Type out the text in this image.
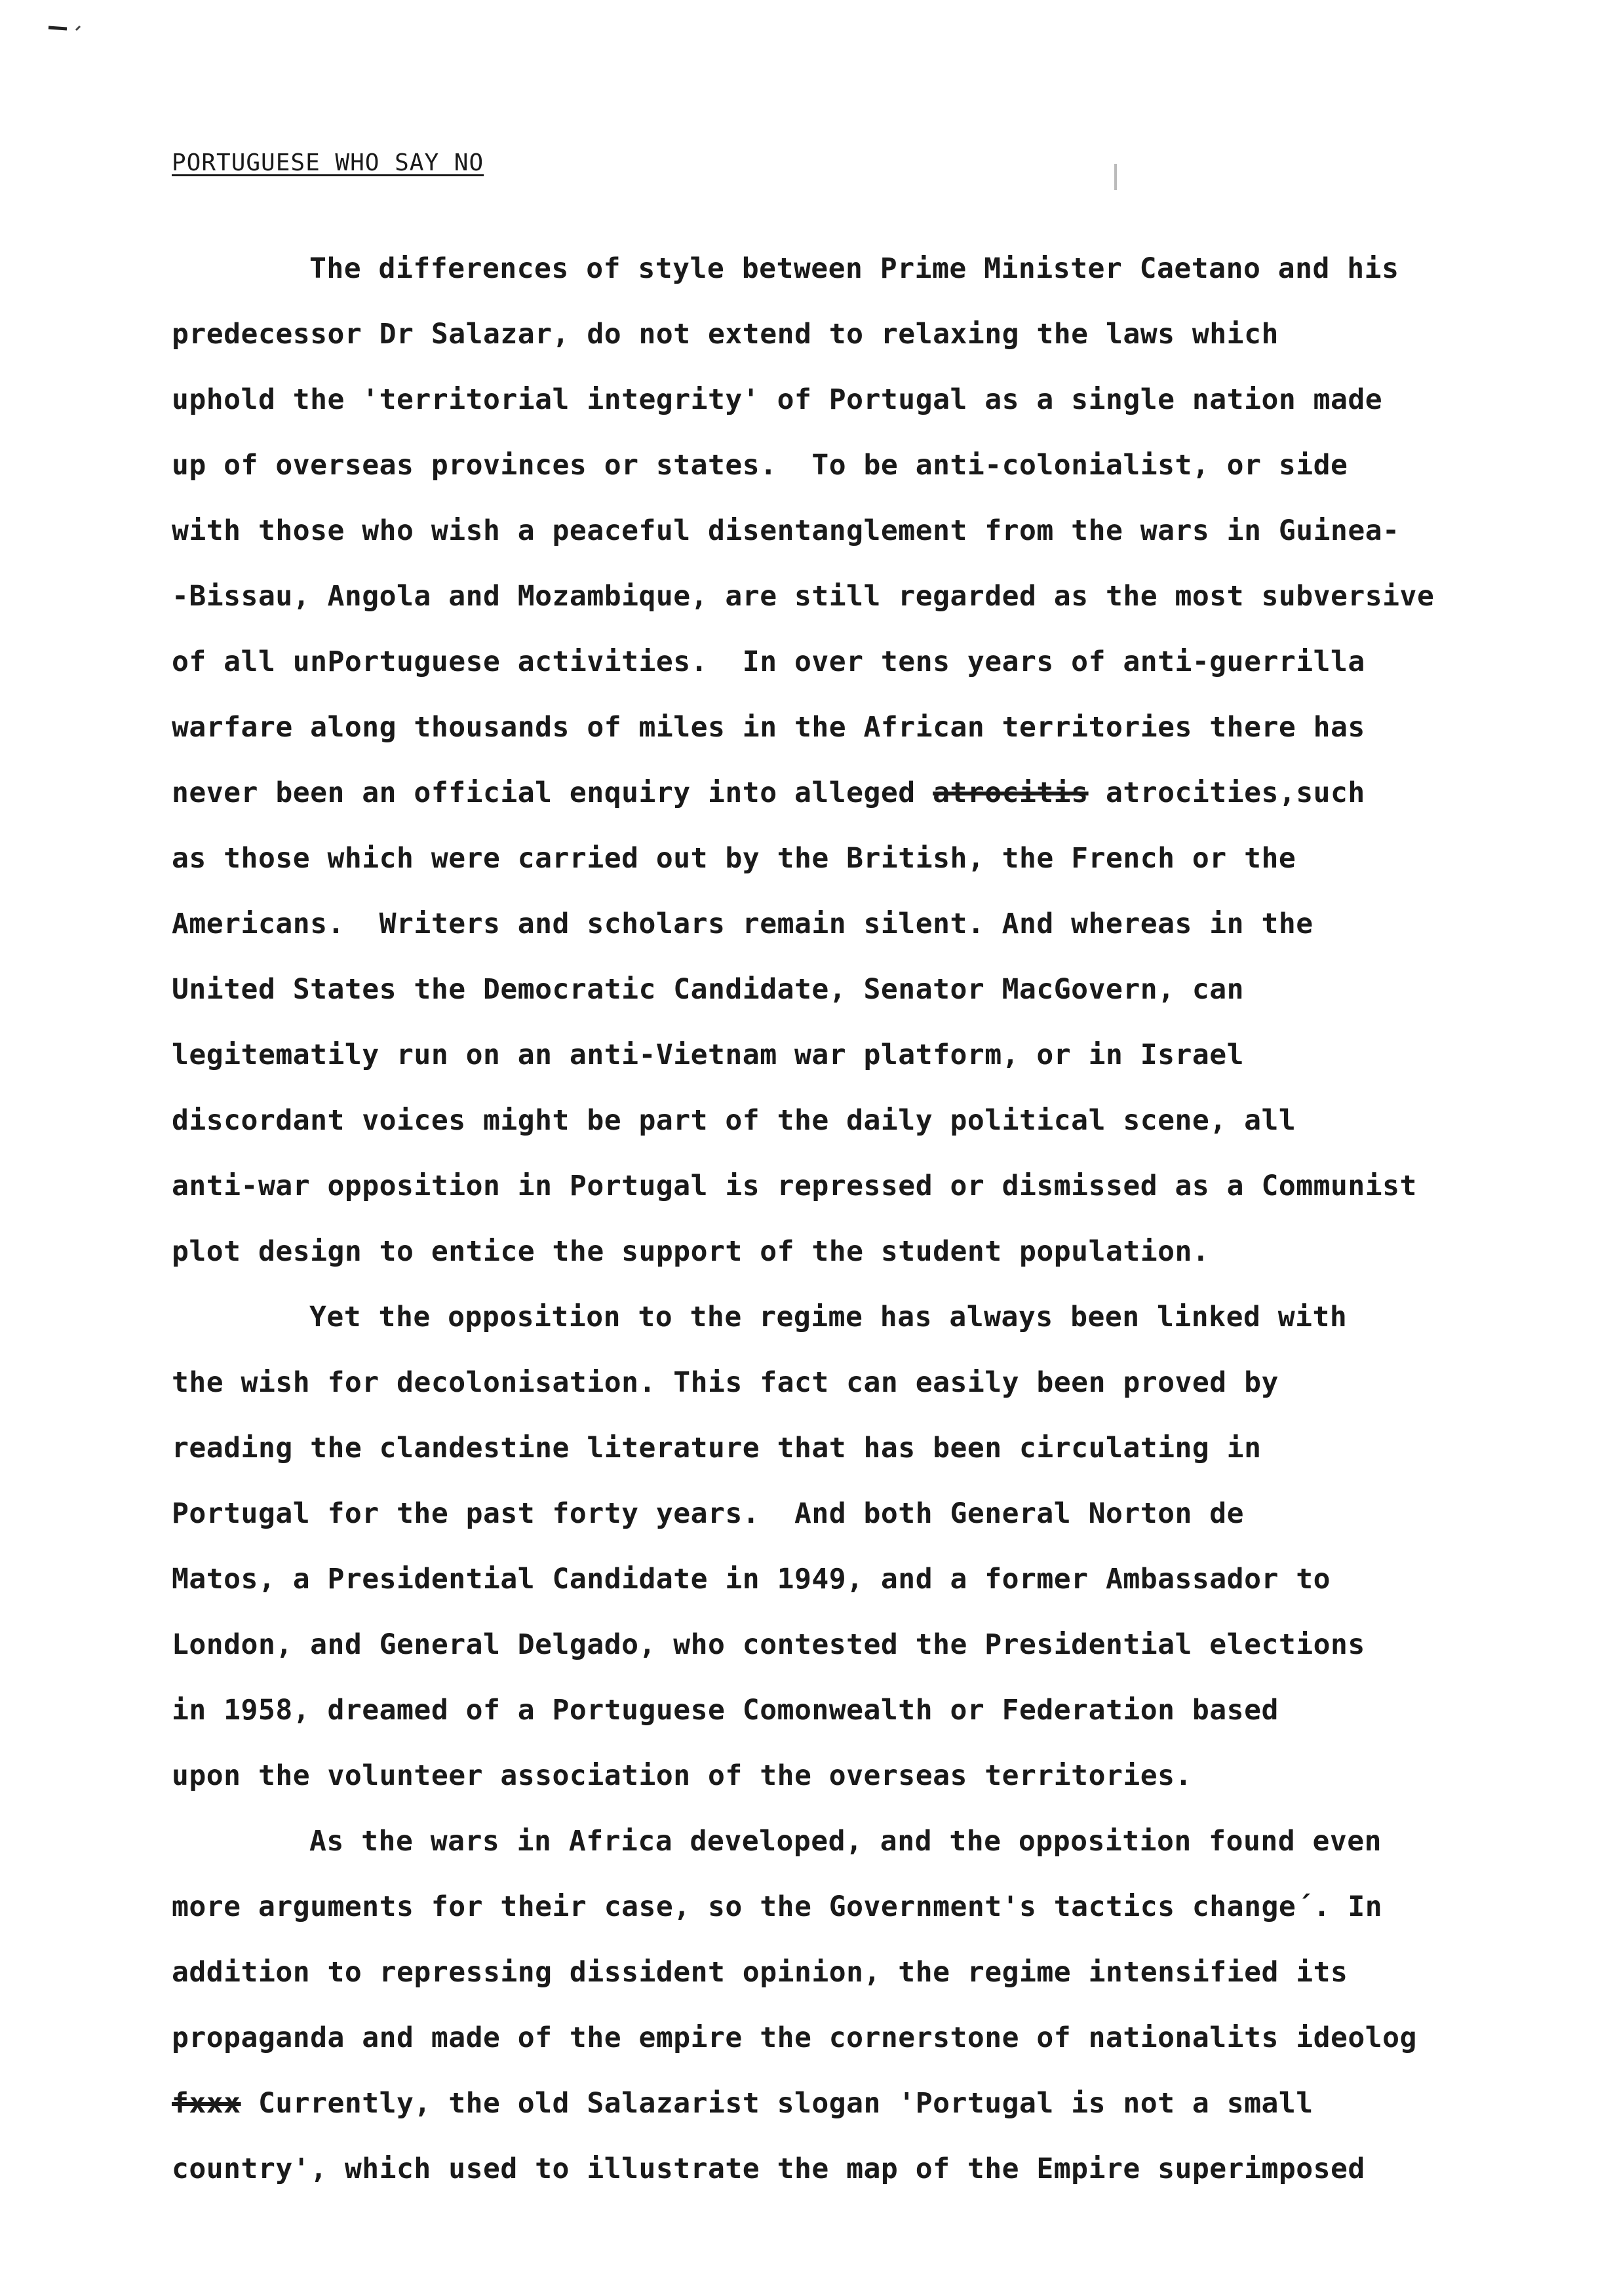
PORTUGUESE WHO SAY NO
The differences of style between Prime Minister Caetano and his
predecessor Dr Salazar, do not extend to relaxing the laws which
uphold the 'territorial integrity' of Portugal as a single nation made
up of overseas provinces or states.  To be anti-colonialist, or side
with those who wish a peaceful disentanglement from the wars in Guinea-
-Bissau, Angola and Mozambique, are still regarded as the most subversive
of all unPortuguese activities.  In over tens years of anti-guerrilla
warfare along thousands of miles in the African territories there has
never been an official enquiry into alleged atrocitis atrocities,such
as those which were carried out by the British, the French or the
Americans.  Writers and scholars remain silent. And whereas in the
United States the Democratic Candidate, Senator MacGovern, can
legitematily run on an anti-Vietnam war platform, or in Israel
discordant voices might be part of the daily political scene, all
anti-war opposition in Portugal is repressed or dismissed as a Communist
plot design to entice the support of the student population.
Yet the opposition to the regime has always been linked with
the wish for decolonisation. This fact can easily been proved by
reading the clandestine literature that has been circulating in
Portugal for the past forty years.  And both General Norton de
Matos, a Presidential Candidate in 1949, and a former Ambassador to
London, and General Delgado, who contested the Presidential elections
in 1958, dreamed of a Portuguese Comonwealth or Federation based
upon the volunteer association of the overseas territories.
As the wars in Africa developed, and the opposition found even
more arguments for their case, so the Government's tactics change´. In
addition to repressing dissident opinion, the regime intensified its
propaganda and made of the empire the cornerstone of nationalits ideolog
fxxx Currently, the old Salazarist slogan 'Portugal is not a small
country', which used to illustrate the map of the Empire superimposed
